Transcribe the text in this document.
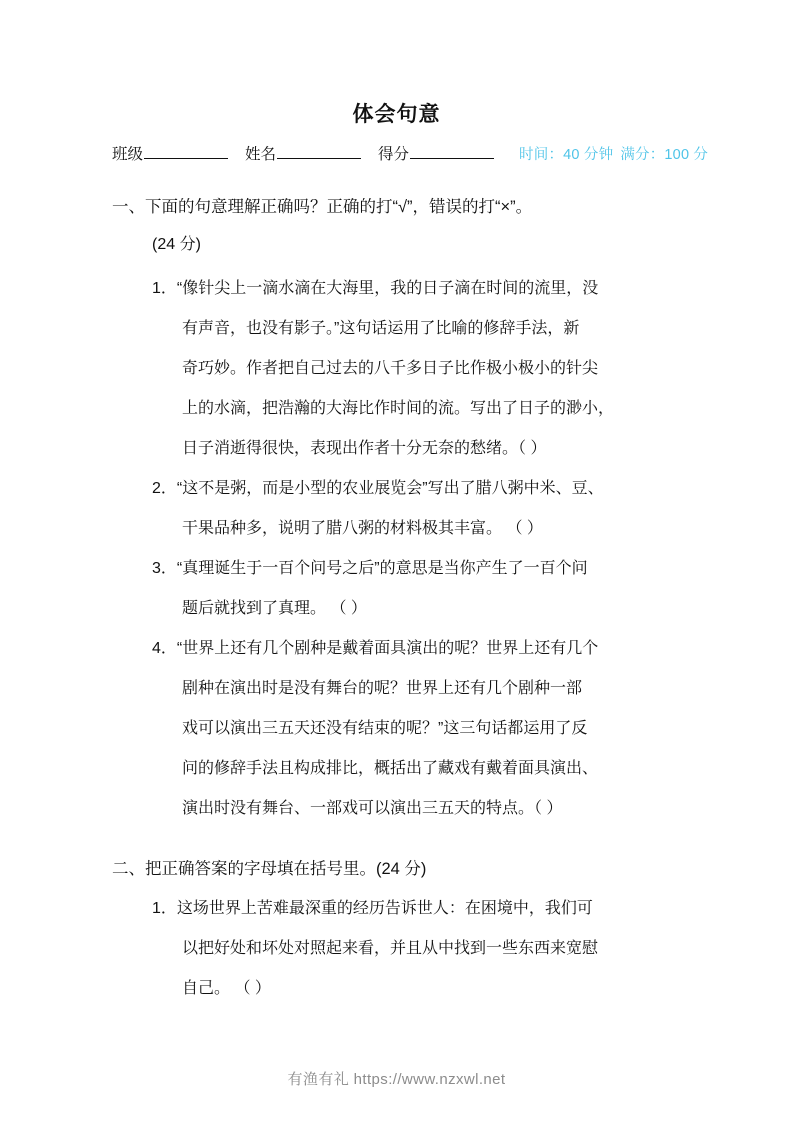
体会句意
班级	姓名	得分	时间：40 分钟 满分：100 分
一、下面的句意理解正确吗？正确的打“√”，错误的打“×”。
(24 分)
1．“像针尖上一滴水滴在大海里，我的日子滴在时间的流里，没
有声音，也没有影子。”这句话运用了比喻的修辞手法，新
奇巧妙。作者把自己过去的八千多日子比作极小极小的针尖
上的水滴，把浩瀚的大海比作时间的流。写出了日子的渺小，
日子消逝得很快，表现出作者十分无奈的愁绪。（ ）
2．“这不是粥，而是小型的农业展览会”写出了腊八粥中米、豆、
干果品种多，说明了腊八粥的材料极其丰富。 （ ）
3．“真理诞生于一百个问号之后”的意思是当你产生了一百个问
题后就找到了真理。 （ ）
4．“世界上还有几个剧种是戴着面具演出的呢？世界上还有几个
剧种在演出时是没有舞台的呢？世界上还有几个剧种一部
戏可以演出三五天还没有结束的呢？”这三句话都运用了反
问的修辞手法且构成排比，概括出了藏戏有戴着面具演出、
演出时没有舞台、一部戏可以演出三五天的特点。（ ）
二、把正确答案的字母填在括号里。(24 分)
1．这场世界上苦难最深重的经历告诉世人：在困境中，我们可
以把好处和坏处对照起来看，并且从中找到一些东西来宽慰
自己。 （ ）
有渔有礼 https://www.nzxwl.net
